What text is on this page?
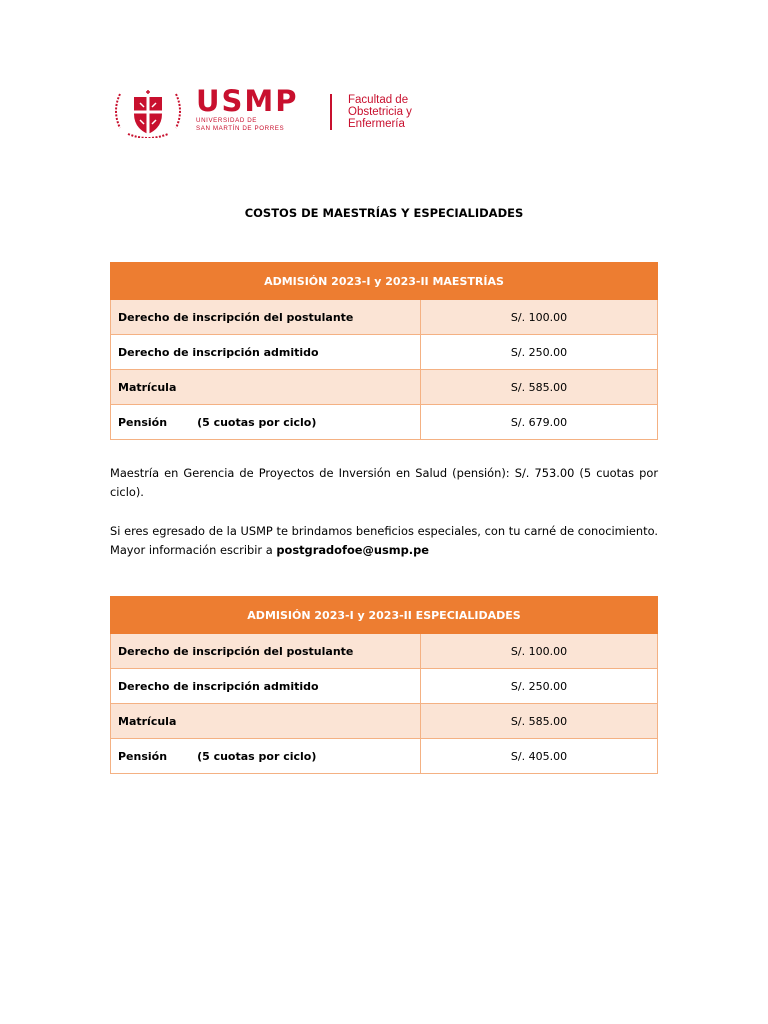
USMP
UNIVERSIDAD DE
SAN MARTÍN DE PORRES
Facultad de
Obstetricia y
Enfermería
COSTOS DE MAESTRÍAS Y ESPECIALIDADES
ADMISIÓN 2023-I y 2023-II MAESTRÍAS	
Derecho de inscripción del postulante	S/. 100.00
Derecho de inscripción admitido	S/. 250.00
Matrícula	S/. 585.00
Pensión (5 cuotas por ciclo)	S/. 679.00
Maestría en Gerencia de Proyectos de Inversión en Salud (pensión): S/. 753.00 (5 cuotas por ciclo).
Si eres egresado de la USMP te brindamos beneficios especiales, con tu carné de conocimiento. Mayor información escribir a postgradofoe@usmp.pe
ADMISIÓN 2023-I y 2023-II ESPECIALIDADES	
Derecho de inscripción del postulante	S/. 100.00
Derecho de inscripción admitido	S/. 250.00
Matrícula	S/. 585.00
Pensión (5 cuotas por ciclo)	S/. 405.00
